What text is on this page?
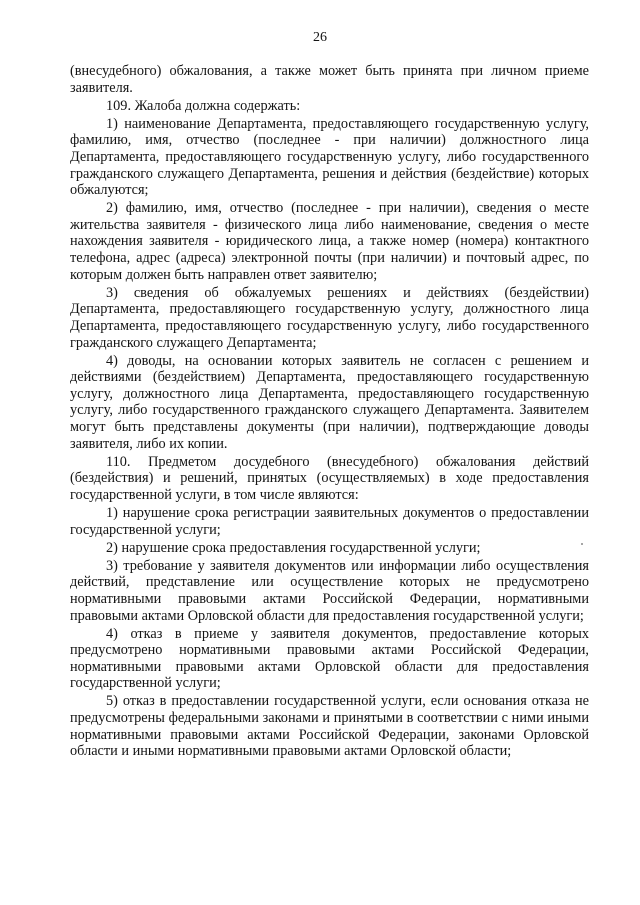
26

(внесудебного) обжалования, а также может быть принята при личном приеме заявителя.

109. Жалоба должна содержать:

1) наименование Департамента, предоставляющего государственную услугу, фамилию, имя, отчество (последнее - при наличии) должностного лица Департамента, предоставляющего государственную услугу, либо государственного гражданского служащего Департамента, решения и действия (бездействие) которых обжалуются;

2) фамилию, имя, отчество (последнее - при наличии), сведения о месте жительства заявителя - физического лица либо наименование, сведения о месте нахождения заявителя - юридического лица, а также номер (номера) контактного телефона, адрес (адреса) электронной почты (при наличии) и почтовый адрес, по которым должен быть направлен ответ заявителю;

3) сведения об обжалуемых решениях и действиях (бездействии) Департамента, предоставляющего государственную услугу, должностного лица Департамента, предоставляющего государственную услугу, либо государственного гражданского служащего Департамента;

4) доводы, на основании которых заявитель не согласен с решением и действиями (бездействием) Департамента, предоставляющего государственную услугу, должностного лица Департамента, предоставляющего государственную услугу, либо государственного гражданского служащего Департамента. Заявителем могут быть представлены документы (при наличии), подтверждающие доводы заявителя, либо их копии.

110. Предметом досудебного (внесудебного) обжалования действий (бездействия) и решений, принятых (осуществляемых) в ходе предоставления государственной услуги, в том числе являются:

1) нарушение срока регистрации заявительных документов о предоставлении государственной услуги;

2) нарушение срока предоставления государственной услуги;

3) требование у заявителя документов или информации либо осуществления действий, представление или осуществление которых не предусмотрено нормативными правовыми актами Российской Федерации, нормативными правовыми актами Орловской области для предоставления государственной услуги;

4) отказ в приеме у заявителя документов, предоставление которых предусмотрено нормативными правовыми актами Российской Федерации, нормативными правовыми актами Орловской области для предоставления государственной услуги;

5) отказ в предоставлении государственной услуги, если основания отказа не предусмотрены федеральными законами и принятыми в соответствии с ними иными нормативными правовыми актами Российской Федерации, законами Орловской области и иными нормативными правовыми актами Орловской области;
